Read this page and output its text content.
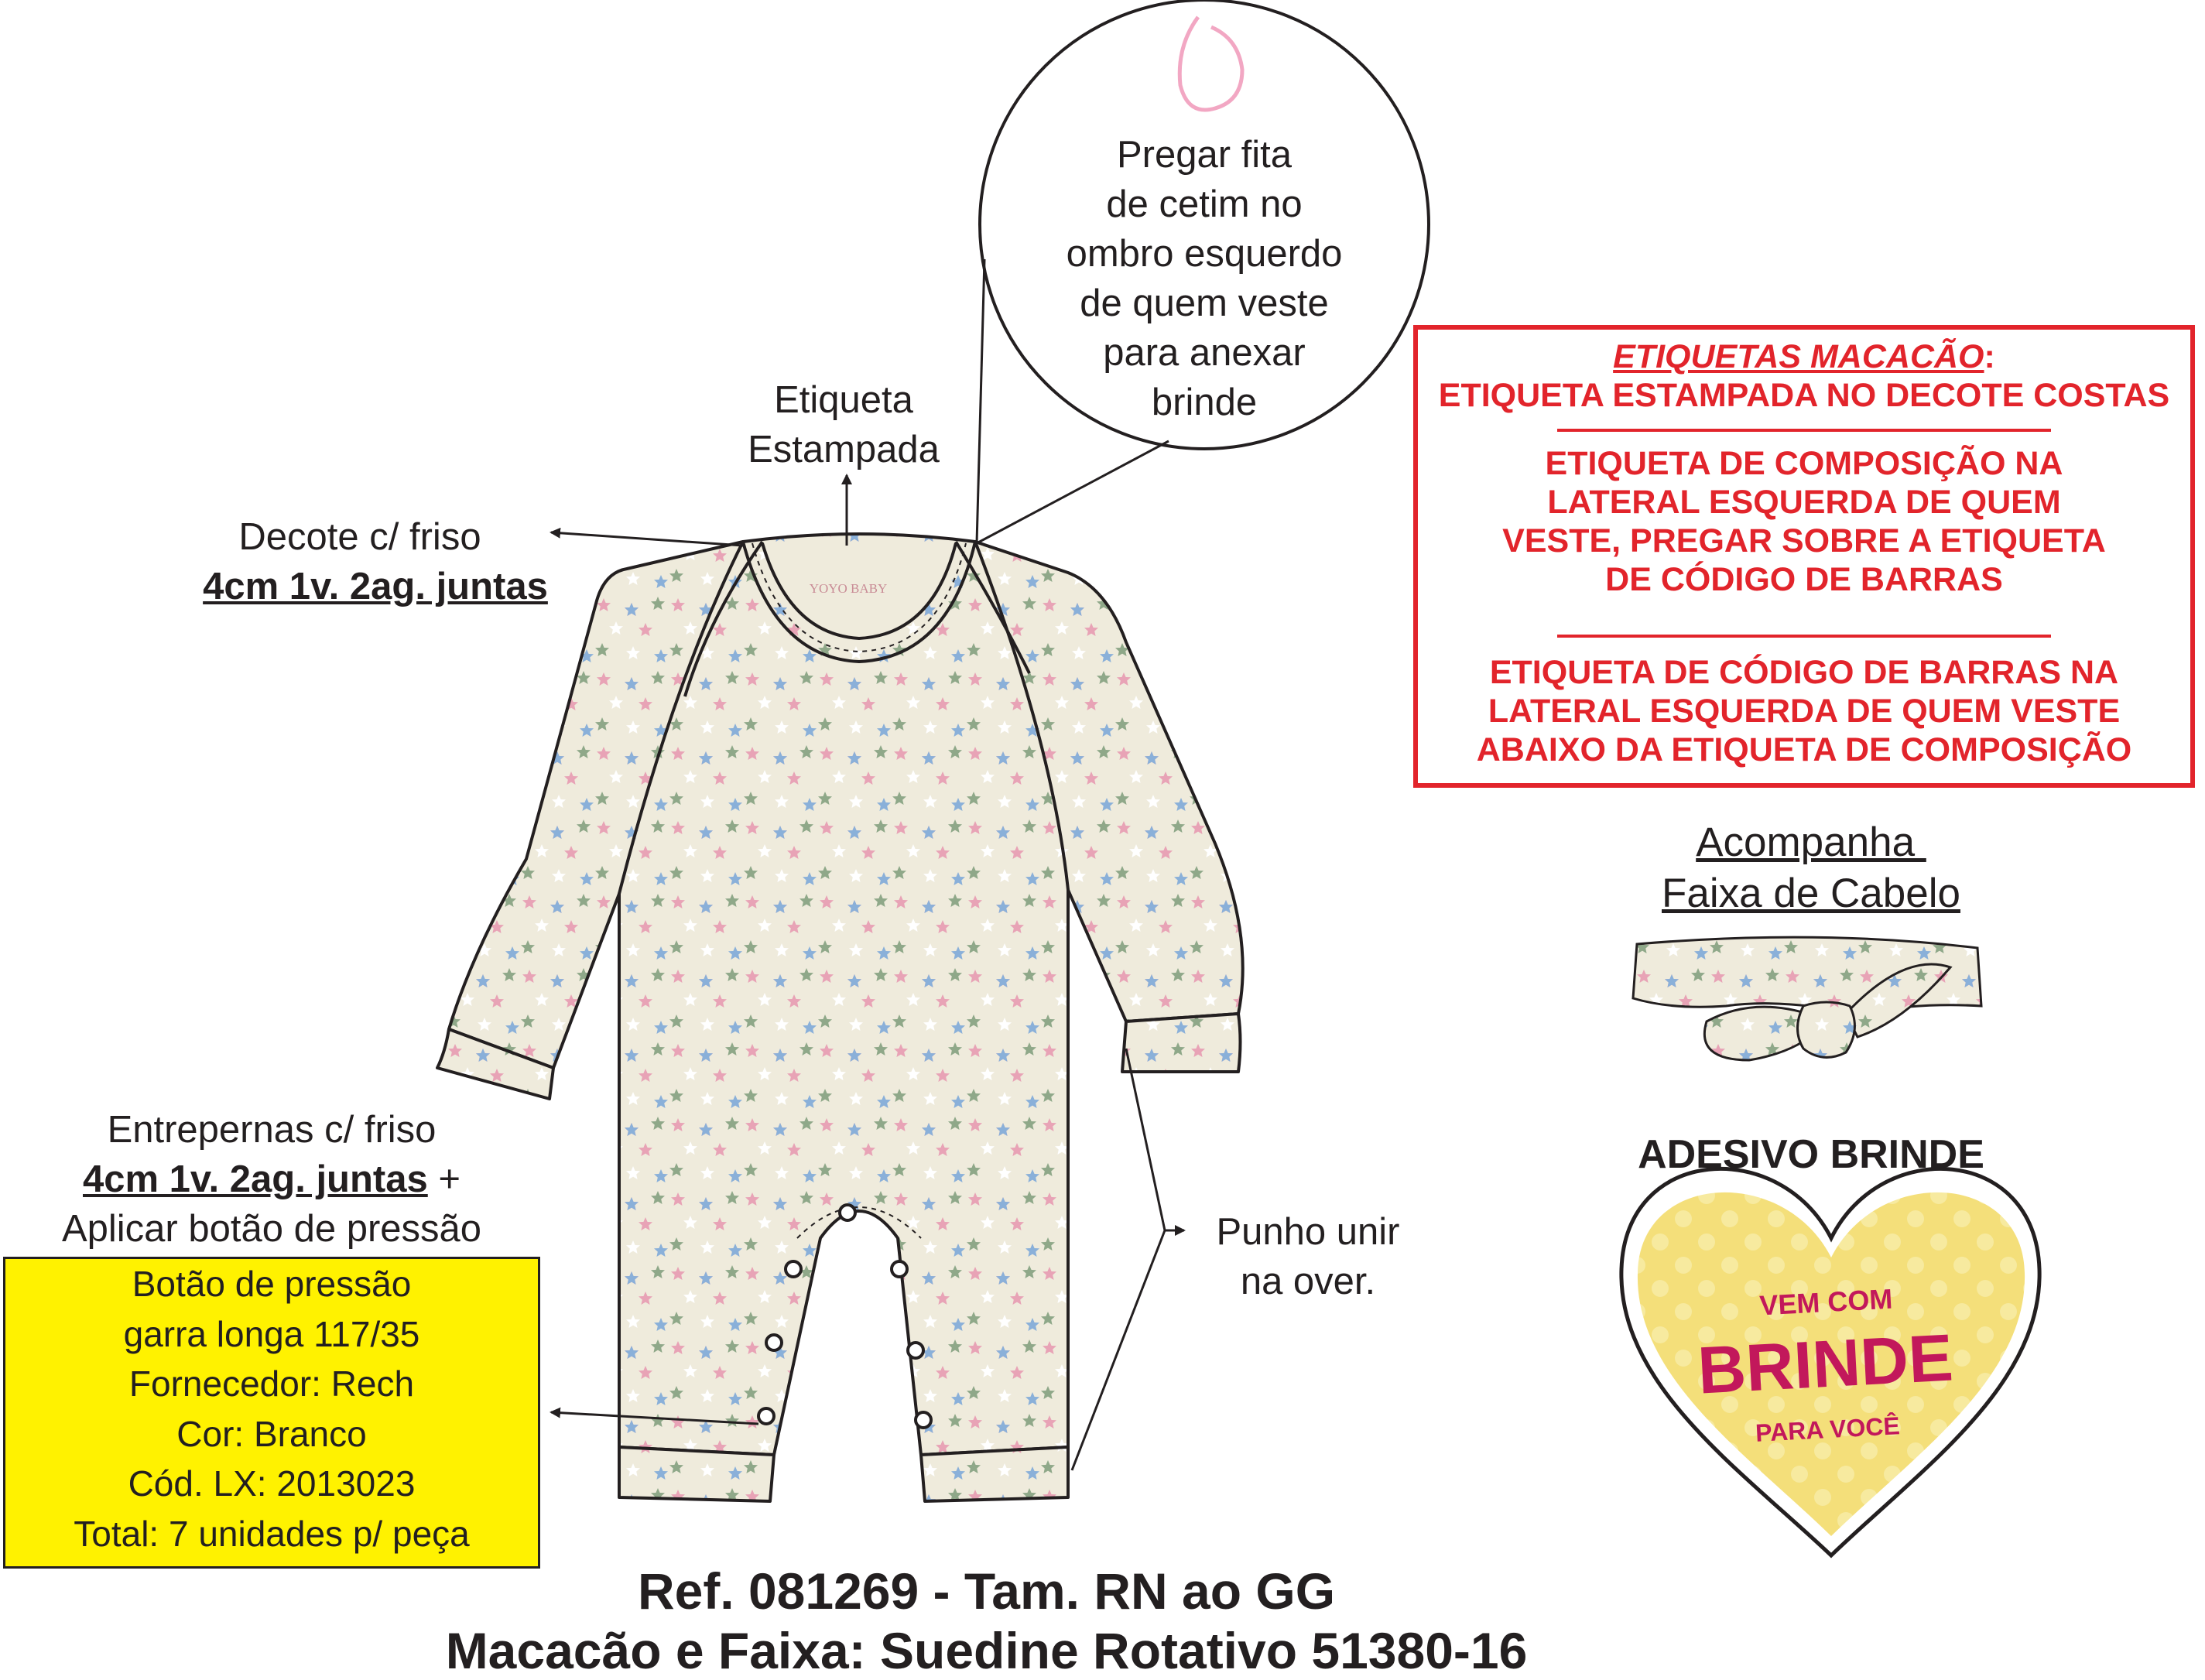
VEM COM
BRINDE
PARA VOCÊ
YOYO BABY
Pregar fita
de cetim no
ombro esquerdo
de quem veste
para anexar
brinde
Etiqueta
Estampada
Decote c/ friso
4cm 1v. 2ag. juntas
Entrepernas c/ friso
4cm 1v. 2ag. juntas +
Aplicar botão de pressão
Botão de pressão
garra longa 117/35
Fornecedor: Rech
Cor: Branco
Cód. LX: 2013023
Total: 7 unidades p/ peça
Punho unir
na over.
ETIQUETAS MACACÃO:
ETIQUETA ESTAMPADA NO DECOTE COSTAS
ETIQUETA DE COMPOSIÇÃO NA
LATERAL ESQUERDA DE QUEM
VESTE, PREGAR SOBRE A ETIQUETA
DE CÓDIGO DE BARRAS
ETIQUETA DE CÓDIGO DE BARRAS NA
LATERAL ESQUERDA DE QUEM VESTE
ABAIXO DA ETIQUETA DE COMPOSIÇÃO
Acompanha
Faixa de Cabelo
ADESIVO BRINDE
Ref. 081269 - Tam. RN ao GG
Macacão e Faixa: Suedine Rotativo 51380-16
